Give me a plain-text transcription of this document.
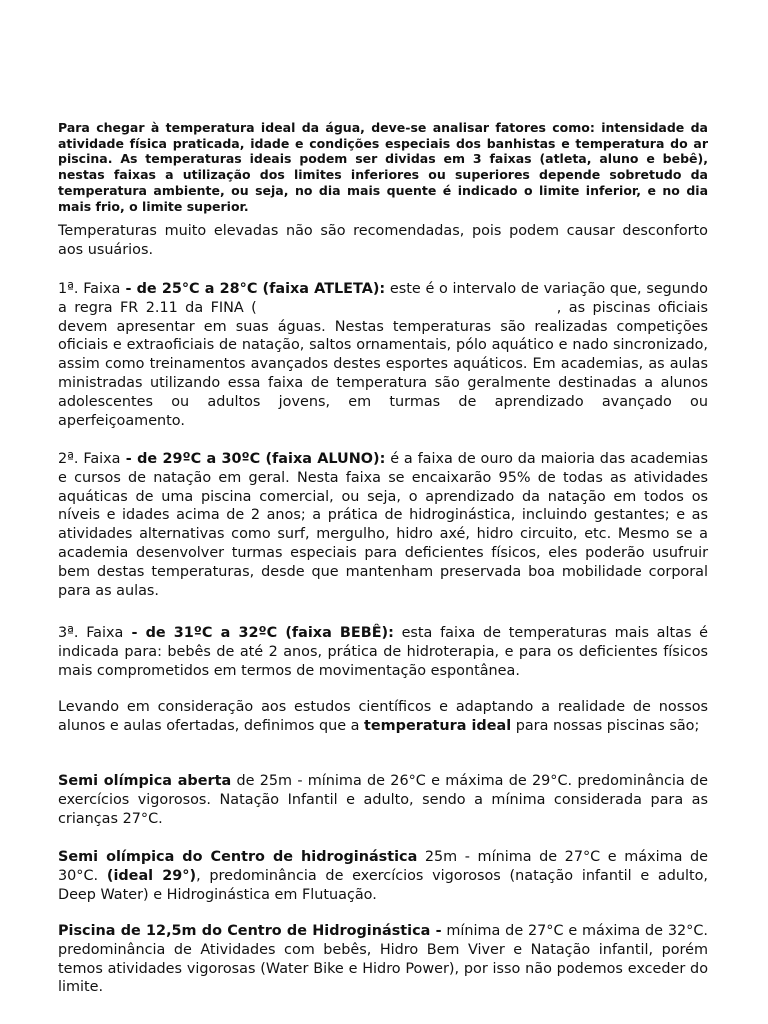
Para chegar à temperatura ideal da água, deve-se analisar fatores como: intensidade da atividade física praticada, idade e condições especiais dos banhistas e temperatura do ar piscina. As temperaturas ideais podem ser dividas em 3 faixas (atleta, aluno e bebê), nestas faixas a utilização dos limites inferiores ou superiores depende sobretudo da temperatura ambiente, ou seja, no dia mais quente é indicado o limite inferior, e no dia mais frio, o limite superior.

Temperaturas muito elevadas não são recomendadas, pois podem causar desconforto aos usuários.

1ª. Faixa - de 25°C a 28°C (faixa ATLETA): este é o intervalo de variação que, segundo a regra FR 2.11 da FINA (	, as piscinas oficiais devem apresentar em suas águas. Nestas temperaturas são realizadas competições oficiais e extraoficiais de natação, saltos ornamentais, pólo aquático e nado sincronizado, assim como treinamentos avançados destes esportes aquáticos. Em academias, as aulas ministradas utilizando essa faixa de temperatura são geralmente destinadas a alunos adolescentes ou adultos jovens, em turmas de aprendizado avançado ou aperfeiçoamento.

2ª. Faixa - de 29ºC a 30ºC (faixa ALUNO): é a faixa de ouro da maioria das academias e cursos de natação em geral. Nesta faixa se encaixarão 95% de todas as atividades aquáticas de uma piscina comercial, ou seja, o aprendizado da natação em todos os níveis e idades acima de 2 anos; a prática de hidroginástica, incluindo gestantes; e as atividades alternativas como surf, mergulho, hidro axé, hidro circuito, etc. Mesmo se a academia desenvolver turmas especiais para deficientes físicos, eles poderão usufruir bem destas temperaturas, desde que mantenham preservada boa mobilidade corporal para as aulas.

3ª. Faixa - de 31ºC a 32ºC (faixa BEBÊ): esta faixa de temperaturas mais altas é indicada para: bebês de até 2 anos, prática de hidroterapia, e para os deficientes físicos mais comprometidos em termos de movimentação espontânea.

Levando em consideração aos estudos científicos e adaptando a realidade de nossos alunos e aulas ofertadas, definimos que a temperatura ideal para nossas piscinas são;

Semi olímpica aberta de 25m - mínima de 26°C e máxima de 29°C. predominância de exercícios vigorosos. Natação Infantil e adulto, sendo a mínima considerada para as crianças 27°C.

Semi olímpica do Centro de hidroginástica 25m - mínima de 27°C e máxima de 30°C. (ideal 29°), predominância de exercícios vigorosos (natação infantil e adulto, Deep Water) e Hidroginástica em Flutuação.

Piscina de 12,5m do Centro de Hidroginástica - mínima de 27°C e máxima de 32°C. predominância de Atividades com bebês, Hidro Bem Viver e Natação infantil, porém temos atividades vigorosas (Water Bike e Hidro Power), por isso não podemos exceder do limite.
